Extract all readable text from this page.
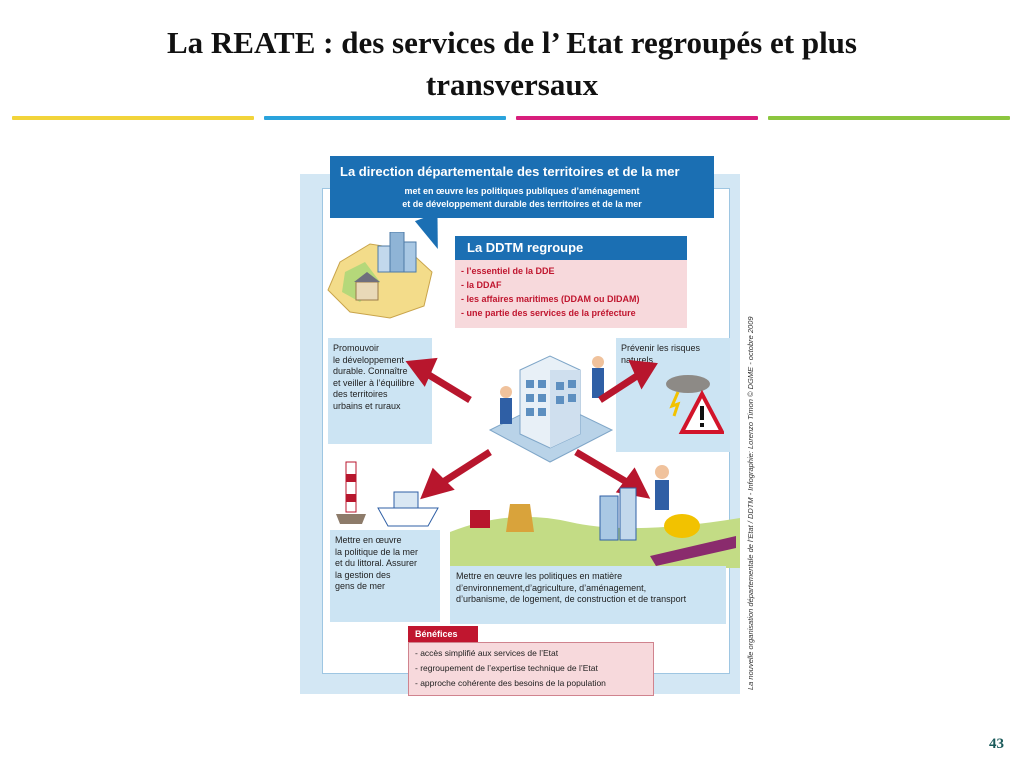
La REATE : des services de l’ Etat regroupés et plus
transversaux
La direction départementale des territoires et de la mer
met en œuvre les politiques publiques d’aménagement
et de développement durable des territoires et de la mer
La DDTM regroupe
- l’essentiel de la DDE
- la DDAF
- les affaires maritimes (DDAM ou DIDAM)
- une partie des services de la préfecture
Promouvoir
le développement
durable. Connaître
et veiller à l’équilibre
des territoires
urbains et ruraux
Prévenir les risques
naturels
Mettre en œuvre
la politique de la mer
et du littoral. Assurer
la gestion des
gens de mer
Mettre en œuvre les politiques en matière
d’environnement,d’agriculture, d’aménagement,
d’urbanisme, de logement, de construction et de transport
Bénéfices
- accès simplifié aux services de l’Etat
- regroupement de l’expertise technique de l’Etat
- approche cohérente des besoins de la population	La nouvelle organisation départementale de l’Etat / DDTM - Infographie: Lorenzo Timon © DGME - octobre 2009
43
